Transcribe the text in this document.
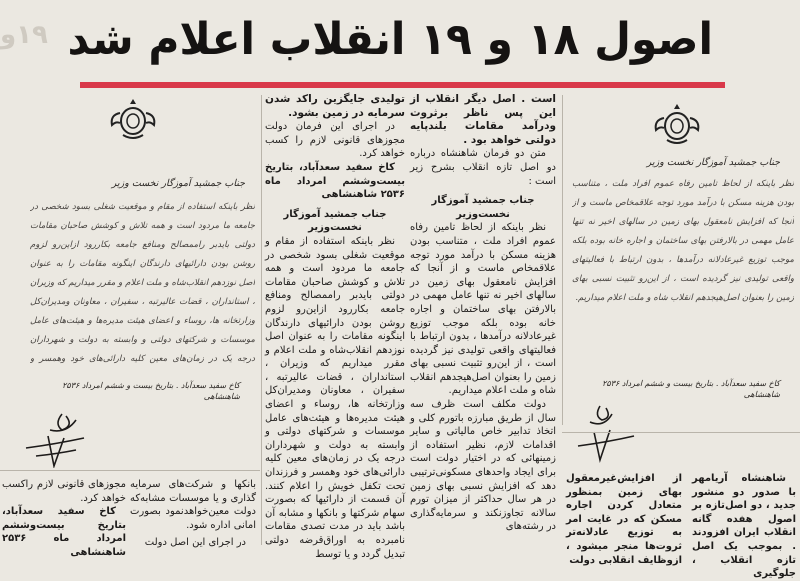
۱۹و اصول ۱۸ و ۱۹ انقلاب اعلام شد
جناب جمشید آموزگار نخست وزیر
نظر باینکه از لحاظ تامین رفاه عموم افراد ملت ، متناسب بودن هزینه مسکن با درآمد مورد توجه علاقمخاص ماست و از آنجا که افزایش نامعقول بهای زمین در سالهای اخیر نه تنها عامل مهمی در بالارفتن بهای ساختمان و اجاره خانه بوده بلکه موجب توزیع غیرعادلانه درآمدها ، بدون ارتباط با فعالیتهای واقعی تولیدی نیز گردیده است ، از این‌رو تثبیت نسبی بهای زمین را بعنوان اصل‌هیجدهم انقلاب شاه و ملت اعلام میداریم.
کاخ سفید سعدآباد . بتاریخ بیست و ششم امرداد ۲۵۳۶ شاهنشاهی

است . اصل دیگر انقلاب از این پس ناظر برثروت ودرآمد مقامات بلندپایه دولتی خواهد بود .

متن دو فرمان شاهنشاه درباره دو اصل تازه انقلاب بشرح زیر است :

جناب جمشید آموزگار نخست‌وزیر

نظر باینکه از لحاظ تامین رفاه عموم افراد ملت ، متناسب بودن هزینه مسکن با درآمد مورد توجه علاقمخاص ماست و از آنجا که افزایش نامعقول بهای زمین در سالهای اخیر نه تنها عامل مهمی در بالارفتن بهای ساختمان و اجاره خانه بوده بلکه موجب توزیع غیرعادلانه درآمدها ، بدون ارتباط با فعالیتهای واقعی تولیدی نیز گردیده است ، از این‌رو تثبیت نسبی بهای زمین را بعنوان اصل‌هیجدهم انقلاب شاه و ملت اعلام میداریم.

دولت مکلف است ظرف سه سال از طریق مبارزه باتورم کلی و اتخاذ تدابیر خاص مالیاتی و سایر اقدامات لازم، نظیر استفاده از زمینهائی که در اختیار دولت است برای ایجاد واحدهای مسکونی‌ترتیبی دهد که افزایش نسبی بهای زمین در هر سال حداکثر از میزان تورم سالانه تجاوزنکند و سرمایه‌گذاری در رشته‌های

تولیدی جایگزین راکد شدن سرمایه در زمین بشود.

در اجرای این فرمان دولت مجوزهای قانونی لازم را کسب خواهد کرد.

کاخ سفید سعدآباد، بتاریخ بیست‌وششم امرداد ماه ۲۵۳۶ شاهنشاهی

جناب جمشید آموزگار نخست‌وزیر

نظر باینکه استفاده از مقام و موقعیت شغلی بسود شخصی در جامعه ما مردود است و همه تلاش و کوشش صاحبان مقامات دولتی بایدبر راممصالح ومنافع جامعه بکاررود ازاین‌رو لزوم روشن بودن دارائیهای دارندگان اینگونه مقامات را به عنوان اصل نوزدهم انقلاب‌شاه و ملت اعلام و مقرر میداریم که وزیران ، استانداران ، قضات عالیرتبه ، سفیران ، معاونان ومدیران‌کل وزارتخانه ها، روساء و اعضای هیئت مدیره‌ها و هیئت‌های عامل موسسات و شرکتهای دولتی و وابسته به دولت و شهرداران درجه یک در زمان‌های معین کلیه دارائی‌های خود وهمسر و فرزندان تحت تکفل خویش را اعلام کنند. آن قسمت از دارائیها که بصورت سهام شرکتها و بانکها و مشابه آن باشد باید در مدت تصدی مقامات نامبرده به اوراق‌قرضه دولتی تبدیل گردد و یا توسط

جناب جمشید آموزگار نخست وزیر
نظر باینکه استفاده از مقام و موقعیت شغلی بسود شخصی در جامعه ما مردود است و همه تلاش و کوشش صاحبان مقامات دولتی بایدبر راممصالح ومنافع جامعه بکاررود ازاین‌رو لزوم روشن بودن دارائیهای دارندگان اینگونه مقامات را به عنوان اصل نوزدهم انقلاب‌شاه و ملت اعلام و مقرر میداریم که وزیران ، استانداران ، قضات عالیرتبه ، سفیران ، معاونان ومدیران‌کل وزارتخانه ها، روساء و اعضای هیئت مدیره‌ها و هیئت‌های عامل موسسات و شرکتهای دولتی و وابسته به دولت و شهرداران درجه یک در زمان‌های معین کلیه دارائی‌های خود وهمسر و
کاخ سفید سعدآباد . بتاریخ بیست و ششم امرداد ۲۵۳۶ شاهنشاهی

شاهنشاه آریامهر با صدور دو منشور جدید ، دو اصل‌تازه بر اصول هفده گانه انقلاب ایران افزودند . بموجب یک اصل تازه انقلاب ، جلوگیری

از افزایش‌غیرمعقول بهای زمین بمنظور متعادل کردن اجاره مسکن که در غایت امر به توزیع عادلانه‌تر ثروت‌ها منجر میشود ، ازوظایف انقلابی دولت

بانکها و شرکت‌های سرمایه گذاری و یا موسسات مشابه‌که دولت معین‌خواهدنمود بصورت امانی اداره شود.

در اجرای این اصل دولت

مجوزهای قانونی لازم راکسب خواهد کرد.

کاخ سفید سعدآباد، بتاریخ بیست‌وششم امرداد ماه ۲۵۳۶ شاهنشاهی
